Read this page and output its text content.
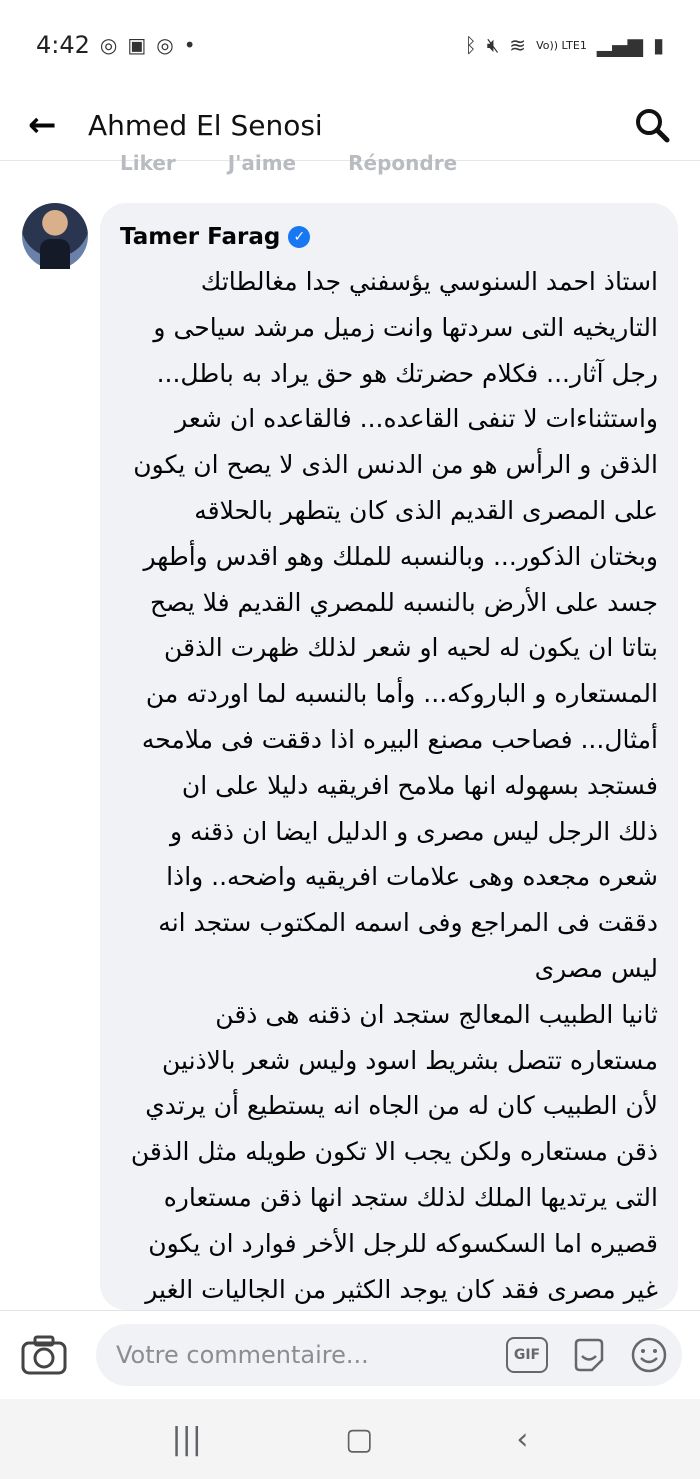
4:42 ◎ ▣ ◎ •	ᛒ 🔇︎ ≋ Vo)) LTE1 ▂▄▆ ▮
←	Ahmed El Senosi
Liker	J'aime	Répondre
Tamer Farag ✓
استاذ احمد السنوسي يؤسفني جدا مغالطاتك
التاريخيه التى سردتها وانت زميل مرشد سياحى و
رجل آثار... فكلام حضرتك هو حق يراد به باطل...
واستثناءات لا تنفى القاعده... فالقاعده ان شعر
الذقن و الرأس هو من الدنس الذى لا يصح ان يكون
على المصرى القديم الذى كان يتطهر بالحلاقه
وبختان الذكور... وبالنسبه للملك وهو اقدس وأطهر
جسد على الأرض بالنسبه للمصري القديم فلا يصح
بتاتا ان يكون له لحيه او شعر لذلك ظهرت الذقن
المستعاره و الباروكه... وأما بالنسبه لما اوردته من
أمثال... فصاحب مصنع البيره اذا دققت فى ملامحه
فستجد بسهوله انها ملامح افريقيه دليلا على ان
ذلك الرجل ليس مصرى و الدليل ايضا ان ذقنه و
شعره مجعده وهى علامات افريقيه واضحه.. واذا
دققت فى المراجع وفى اسمه المكتوب ستجد انه
ليس مصرى
ثانيا الطبيب المعالج ستجد ان ذقنه هى ذقن
مستعاره تتصل بشريط اسود وليس شعر بالاذنين
لأن الطبيب كان له من الجاه انه يستطيع أن يرتدي
ذقن مستعاره ولكن يجب الا تكون طويله مثل الذقن
التى يرتديها الملك لذلك ستجد انها ذقن مستعاره
قصيره اما السكسوكه للرجل الأخر فوارد ان يكون
غير مصرى فقد كان يوجد الكثير من الجاليات الغير
Votre commentaire...	GIF
|||	▢	‹
